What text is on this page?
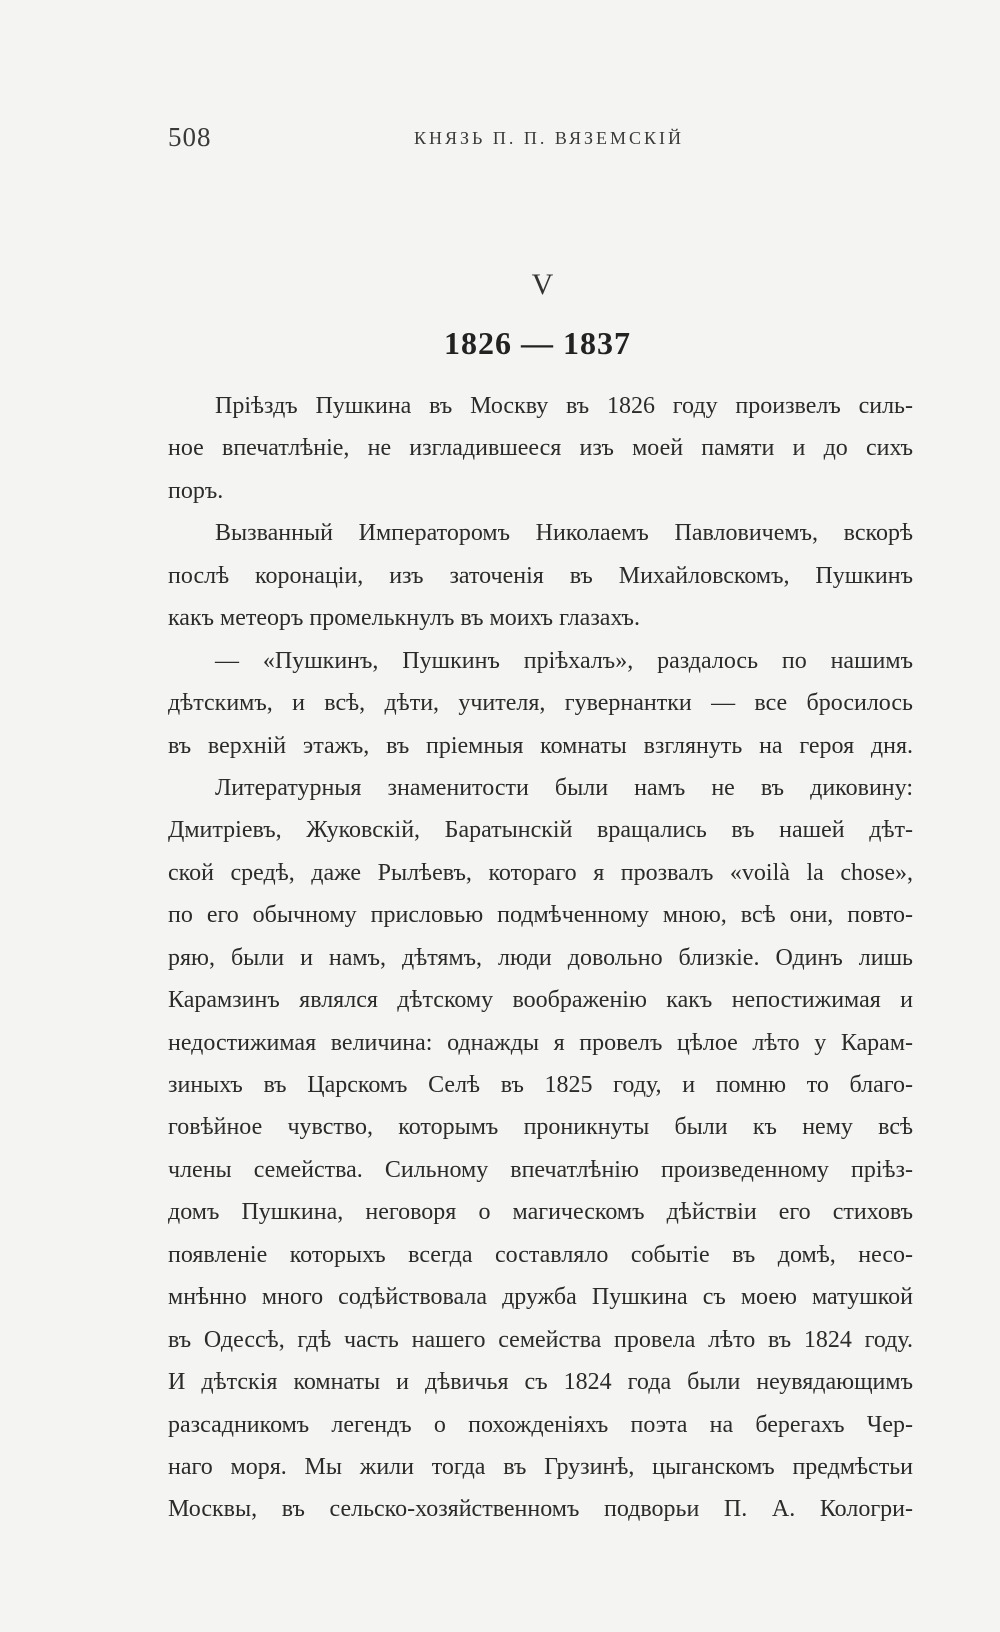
508	КНЯЗЬ П. П. ВЯЗЕМСКІЙ
V
1826 — 1837
Пріѣздъ Пушкина въ Москву въ 1826 году произвелъ силь-
ное впечатлѣніе, не изгладившееся изъ моей памяти и до сихъ
поръ.
Вызванный Императоромъ Николаемъ Павловичемъ, вскорѣ
послѣ коронаціи, изъ заточенія въ Михайловскомъ, Пушкинъ
какъ метеоръ промелькнулъ въ моихъ глазахъ.
— «Пушкинъ, Пушкинъ пріѣхалъ», раздалось по нашимъ
дѣтскимъ, и всѣ, дѣти, учителя, гувернантки — все бросилось
въ верхній этажъ, въ пріемныя комнаты взглянуть на героя дня.
Литературныя знаменитости были намъ не въ диковину:
Дмитріевъ, Жуковскій, Баратынскій вращались въ нашей дѣт-
ской средѣ, даже Рылѣевъ, котораго я прозвалъ «voilà la chose»,
по его обычному присловью подмѣченному мною, всѣ они, повто-
ряю, были и намъ, дѣтямъ, люди довольно близкіе. Одинъ лишь
Карамзинъ являлся дѣтскому воображенію какъ непостижимая и
недостижимая величина: однажды я провелъ цѣлое лѣто у Карам-
зиныхъ въ Царскомъ Селѣ въ 1825 году, и помню то благо-
говѣйное чувство, которымъ проникнуты были къ нему всѣ
члены семейства. Сильному впечатлѣнію произведенному пріѣз-
домъ Пушкина, неговоря о магическомъ дѣйствіи его стиховъ
появленіе которыхъ всегда составляло событіе въ домѣ, несо-
мнѣнно много содѣйствовала дружба Пушкина съ моею матушкой
въ Одессѣ, гдѣ часть нашего семейства провела лѣто въ 1824 году.
И дѣтскія комнаты и дѣвичья съ 1824 года были неувядающимъ
разсадникомъ легендъ о похожденіяхъ поэта на берегахъ Чер-
наго моря. Мы жили тогда въ Грузинѣ, цыганскомъ предмѣстьи
Москвы, въ сельско-хозяйственномъ подворьи П. А. Кологри-
